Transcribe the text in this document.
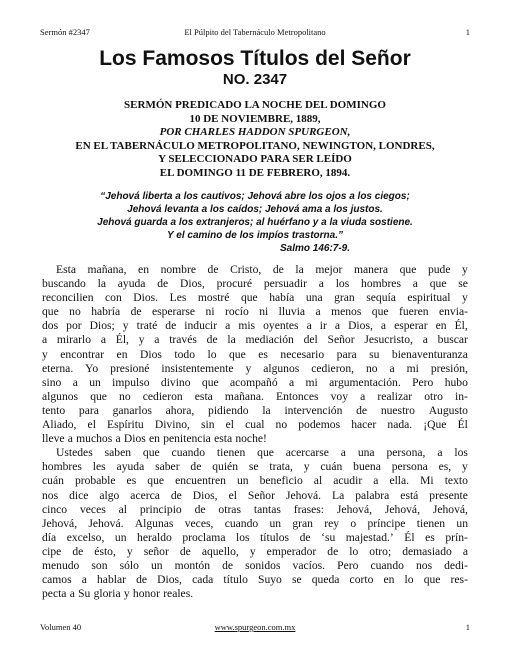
Sermón #2347	El Púlpito del Tabernáculo Metropolitano	1
Los Famosos Títulos del Señor
NO. 2347
SERMÓN PREDICADO LA NOCHE DEL DOMINGO
10 DE NOVIEMBRE, 1889,
POR CHARLES HADDON SPURGEON,
EN EL TABERNÁCULO METROPOLITANO, NEWINGTON, LONDRES,
Y SELECCIONADO PARA SER LEÍDO
EL DOMINGO 11 DE FEBRERO, 1894.
“Jehová liberta a los cautivos; Jehová abre los ojos a los ciegos;
Jehová levanta a los caídos; Jehová ama a los justos.
Jehová guarda a los extranjeros; al huérfano y a la viuda sostiene.
Y el camino de los impíos trastorna.”
Salmo 146:7-9.
Esta mañana, en nombre de Cristo, de la mejor manera que pude y
buscando la ayuda de Dios, procuré persuadir a los hombres a que se
reconcilien con Dios. Les mostré que había una gran sequía espiritual y
que no habría de esperarse ni rocío ni lluvia a menos que fueren envia-
dos por Dios; y traté de inducir a mis oyentes a ir a Dios, a esperar en Él,
a mirarlo a Él, y a través de la mediación del Señor Jesucristo, a buscar
y encontrar en Dios todo lo que es necesario para su bienaventuranza
eterna. Yo presioné insistentemente y algunos cedieron, no a mi presión,
sino a un impulso divino que acompañó a mi argumentación. Pero hubo
algunos que no cedieron esta mañana. Entonces voy a realizar otro in-
tento para ganarlos ahora, pidiendo la intervención de nuestro Augusto
Aliado, el Espíritu Divino, sin el cual no podemos hacer nada. ¡Que Él
lleve a muchos a Dios en penitencia esta noche!
Ustedes saben que cuando tienen que acercarse a una persona, a los
hombres les ayuda saber de quién se trata, y cuán buena persona es, y
cuán probable es que encuentren un beneficio al acudir a ella. Mi texto
nos dice algo acerca de Dios, el Señor Jehová. La palabra está presente
cinco veces al principio de otras tantas frases: Jehová, Jehová, Jehová,
Jehová, Jehová. Algunas veces, cuando un gran rey o príncipe tienen un
día excelso, un heraldo proclama los títulos de ‘su majestad.’ Él es prín-
cipe de ésto, y señor de aquello, y emperador de lo otro; demasiado a
menudo son sólo un montón de sonidos vacíos. Pero cuando nos dedi-
camos a hablar de Dios, cada título Suyo se queda corto en lo que res-
pecta a Su gloria y honor reales.
Volumen 40	www.spurgeon.com.mx	1
